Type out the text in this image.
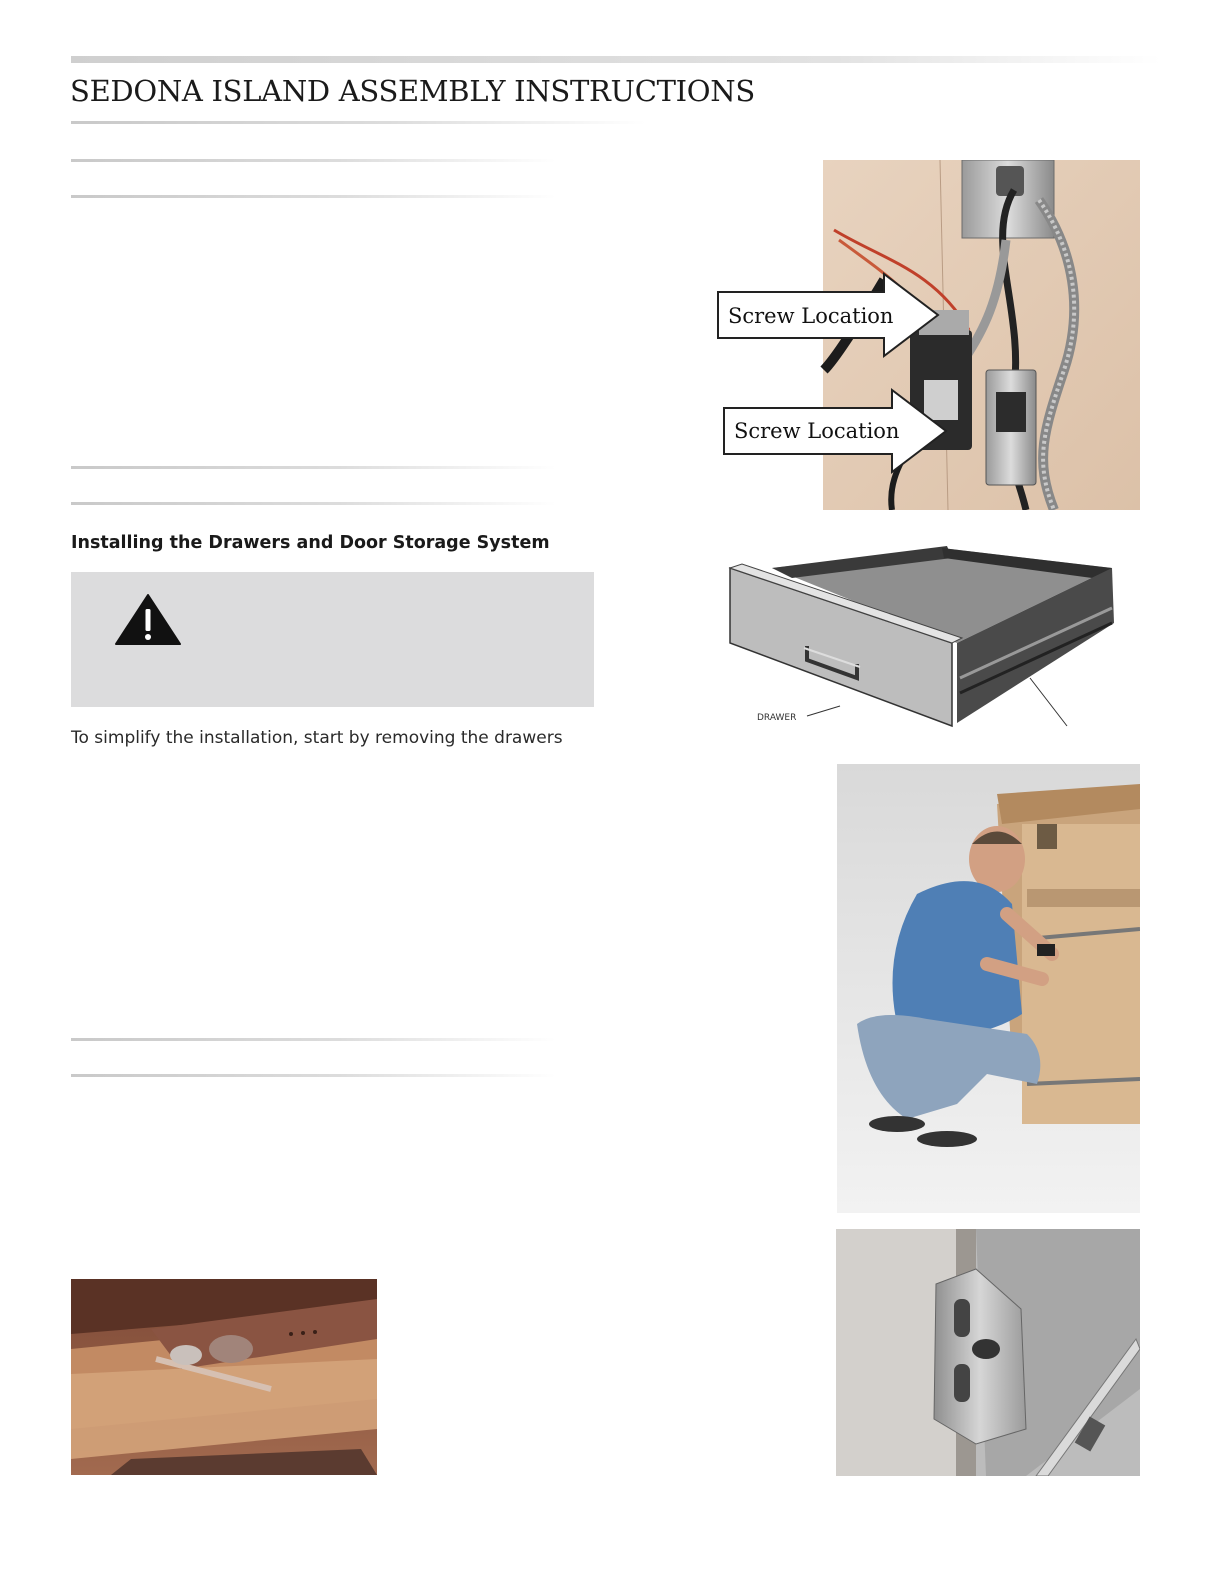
SEDONA ISLAND ASSEMBLY INSTRUCTIONS
Installing the Drawers and Door Storage System

To simplify the installation, start by removing the drawers

Screw Location
Screw Location
DRAWER
